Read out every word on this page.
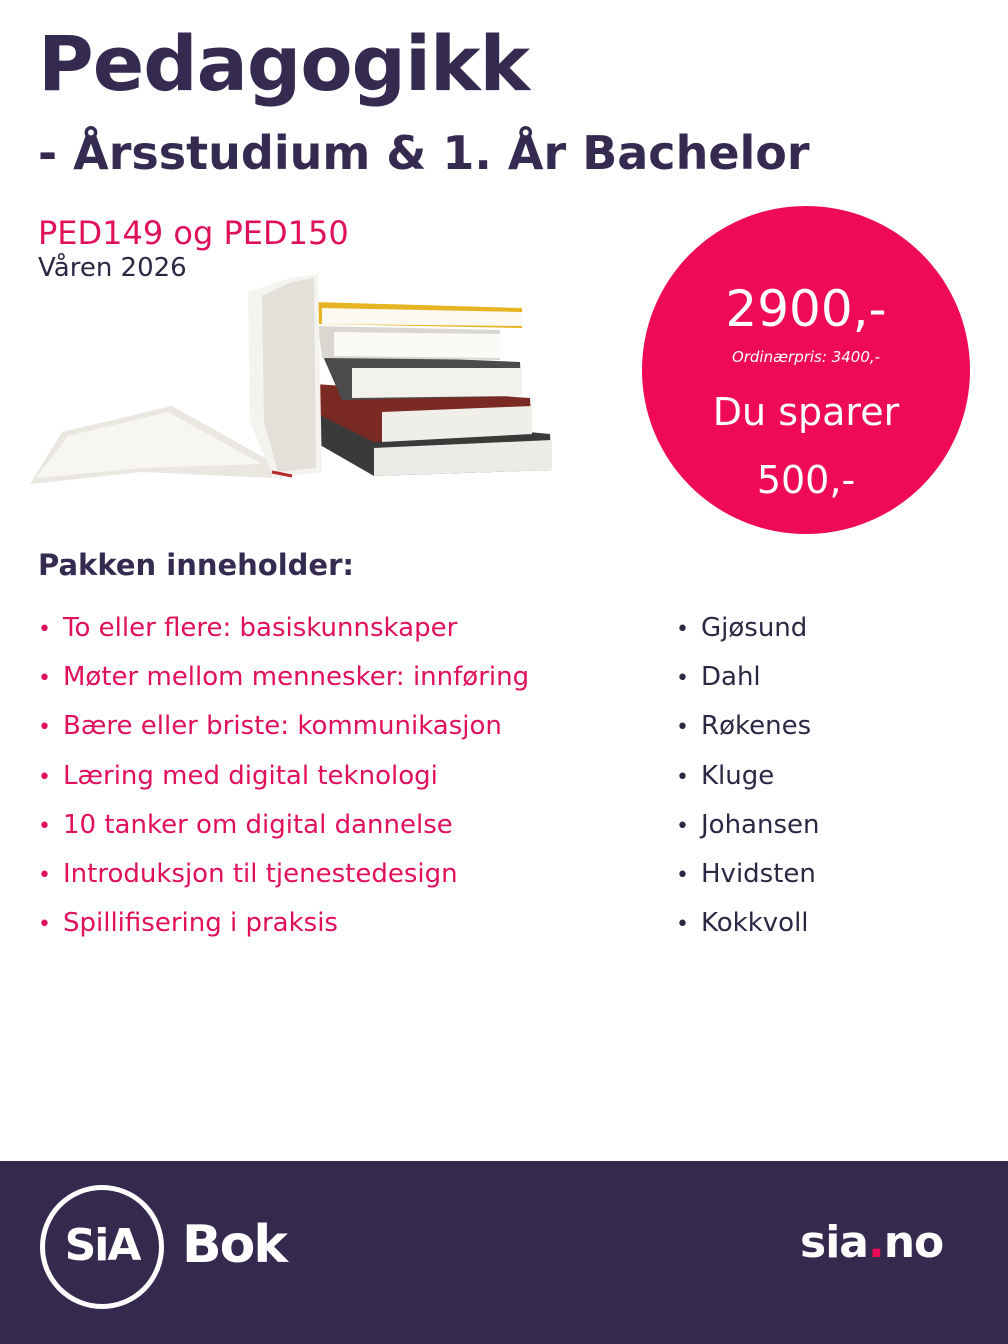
Pedagogikk
- Årsstudium & 1. År Bachelor
PED149 og PED150
Våren 2026
2900,-
Ordinærpris: 3400,-
Du sparer
500,-
Pakken inneholder:
• To eller flere: basiskunnskaper
• Møter mellom mennesker: innføring
• Bære eller briste: kommunikasjon
• Læring med digital teknologi
• 10 tanker om digital dannelse
• Introduksjon til tjenestedesign
• Spillifisering i praksis
• Gjøsund
• Dahl
• Røkenes
• Kluge
• Johansen
• Hvidsten
• Kokkvoll
SiA Bok	sia.no
